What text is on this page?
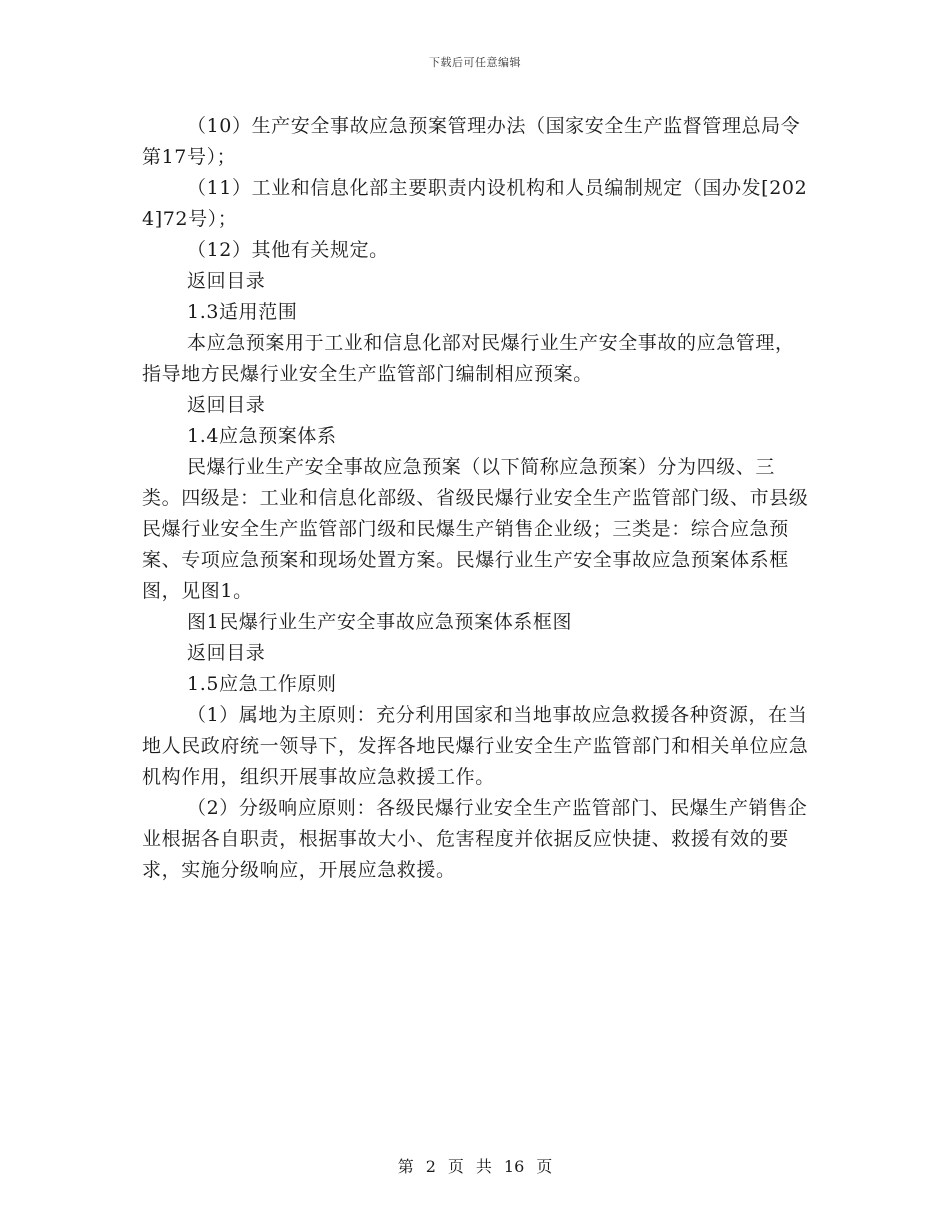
下载后可任意编辑

（10）生产安全事故应急预案管理办法（国家安全生产监督管理总局令第17号）；

（11）工业和信息化部主要职责内设机构和人员编制规定（国办发[2024]72号）；

（12）其他有关规定。

返回目录

1.3适用范围

本应急预案用于工业和信息化部对民爆行业生产安全事故的应急管理，指导地方民爆行业安全生产监管部门编制相应预案。

返回目录

1.4应急预案体系

民爆行业生产安全事故应急预案（以下简称应急预案）分为四级、三类。四级是：工业和信息化部级、省级民爆行业安全生产监管部门级、市县级民爆行业安全生产监管部门级和民爆生产销售企业级；三类是：综合应急预案、专项应急预案和现场处置方案。民爆行业生产安全事故应急预案体系框图，见图1。

图1民爆行业生产安全事故应急预案体系框图

返回目录

1.5应急工作原则

（1）属地为主原则：充分利用国家和当地事故应急救援各种资源，在当地人民政府统一领导下，发挥各地民爆行业安全生产监管部门和相关单位应急机构作用，组织开展事故应急救援工作。

（2）分级响应原则：各级民爆行业安全生产监管部门、民爆生产销售企业根据各自职责，根据事故大小、危害程度并依据反应快捷、救援有效的要求，实施分级响应，开展应急救援。

第 2 页 共 16 页
